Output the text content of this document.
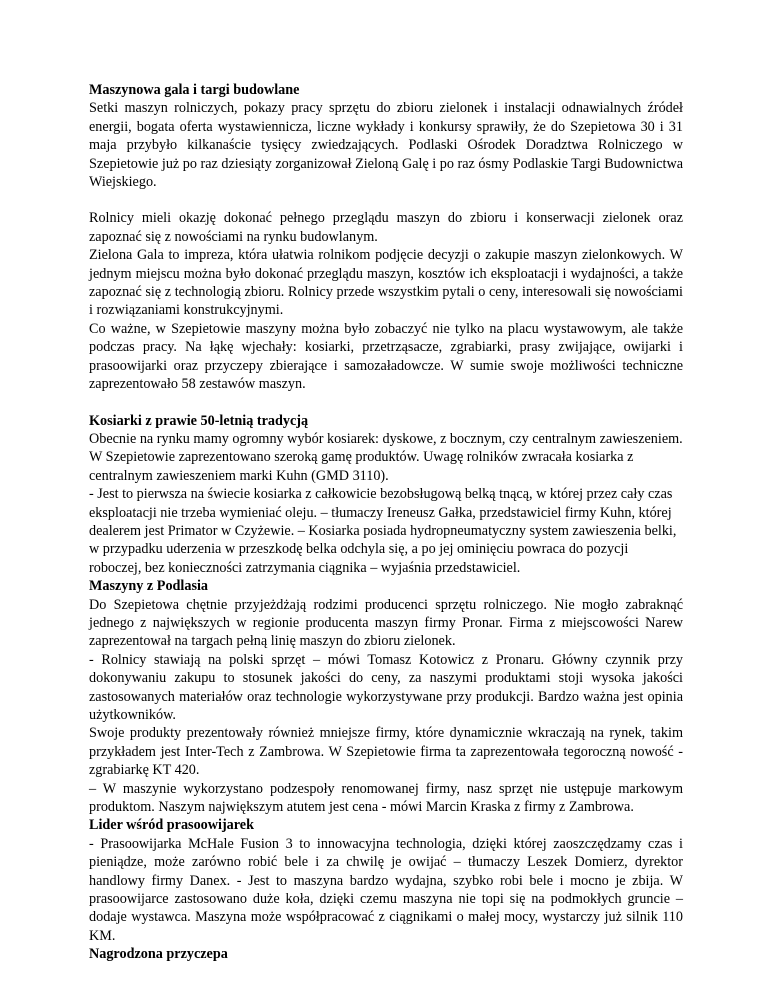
Maszynowa gala i targi budowlane

Setki maszyn rolniczych, pokazy pracy sprzętu do zbioru zielonek i instalacji odnawialnych źródeł energii, bogata oferta wystawiennicza, liczne wykłady i konkursy sprawiły, że do Szepietowa 30 i 31 maja przybyło kilkanaście tysięcy zwiedzających. Podlaski Ośrodek Doradztwa Rolniczego w Szepietowie już po raz dziesiąty zorganizował Zieloną Galę i po raz ósmy Podlaskie Targi Budownictwa Wiejskiego.

Rolnicy mieli okazję dokonać pełnego przeglądu maszyn do zbioru i konserwacji zielonek oraz zapoznać się z nowościami na rynku budowlanym.

Zielona Gala to impreza, która ułatwia rolnikom podjęcie decyzji o zakupie maszyn zielonkowych. W jednym miejscu można było dokonać przeglądu maszyn, kosztów ich eksploatacji i wydajności, a także zapoznać się z technologią zbioru. Rolnicy przede wszystkim pytali o ceny, interesowali się nowościami i rozwiązaniami konstrukcyjnymi.

Co ważne, w Szepietowie maszyny można było zobaczyć nie tylko na placu wystawowym, ale także podczas pracy. Na łąkę wjechały: kosiarki, przetrząsacze, zgrabiarki, prasy zwijające, owijarki i prasoowijarki oraz przyczepy zbierające i samozaładowcze. W sumie swoje możliwości techniczne zaprezentowało 58 zestawów maszyn.

Kosiarki z prawie 50-letnią tradycją

Obecnie na rynku mamy ogromny wybór kosiarek: dyskowe, z bocznym, czy centralnym zawieszeniem. W Szepietowie zaprezentowano szeroką gamę produktów. Uwagę rolników zwracała kosiarka z centralnym zawieszeniem marki Kuhn (GMD 3110).

- Jest to pierwsza na świecie kosiarka z całkowicie bezobsługową belką tnącą, w której przez cały czas eksploatacji nie trzeba wymieniać oleju. – tłumaczy Ireneusz Gałka, przedstawiciel firmy Kuhn, której dealerem jest Primator w Czyżewie. – Kosiarka posiada hydropneumatyczny system zawieszenia belki, w przypadku uderzenia w przeszkodę belka odchyla się, a po jej ominięciu powraca do pozycji roboczej, bez konieczności zatrzymania ciągnika – wyjaśnia przedstawiciel.

Maszyny z Podlasia

Do Szepietowa chętnie przyjeżdżają rodzimi producenci sprzętu rolniczego. Nie mogło zabraknąć jednego z największych w regionie producenta maszyn firmy Pronar. Firma z miejscowości Narew zaprezentował na targach pełną linię maszyn do zbioru zielonek.

- Rolnicy stawiają na polski sprzęt – mówi Tomasz Kotowicz z Pronaru. Główny czynnik przy dokonywaniu zakupu to stosunek jakości do ceny, za naszymi produktami stoji wysoka jakości zastosowanych materiałów oraz technologie wykorzystywane przy produkcji. Bardzo ważna jest opinia użytkowników.

Swoje produkty prezentowały również mniejsze firmy, które dynamicznie wkraczają na rynek, takim przykładem jest Inter-Tech z Zambrowa. W Szepietowie firma ta zaprezentowała tegoroczną nowość - zgrabiarkę KT 420.

– W maszynie wykorzystano podzespoły renomowanej firmy, nasz sprzęt nie ustępuje markowym produktom. Naszym największym atutem jest cena - mówi Marcin Kraska z firmy z Zambrowa.

Lider wśród prasoowijarek

- Prasoowijarka McHale Fusion 3 to innowacyjna technologia, dzięki której zaoszczędzamy czas i pieniądze, może zarówno robić bele i za chwilę je owijać – tłumaczy Leszek Domierz, dyrektor handlowy firmy Danex. - Jest to maszyna bardzo wydajna, szybko robi bele i mocno je zbija. W prasoowijarce zastosowano duże koła, dzięki czemu maszyna nie topi się na podmokłych gruncie – dodaje wystawca. Maszyna może współpracować z ciągnikami o małej mocy, wystarczy już silnik 110 KM.

Nagrodzona przyczepa
